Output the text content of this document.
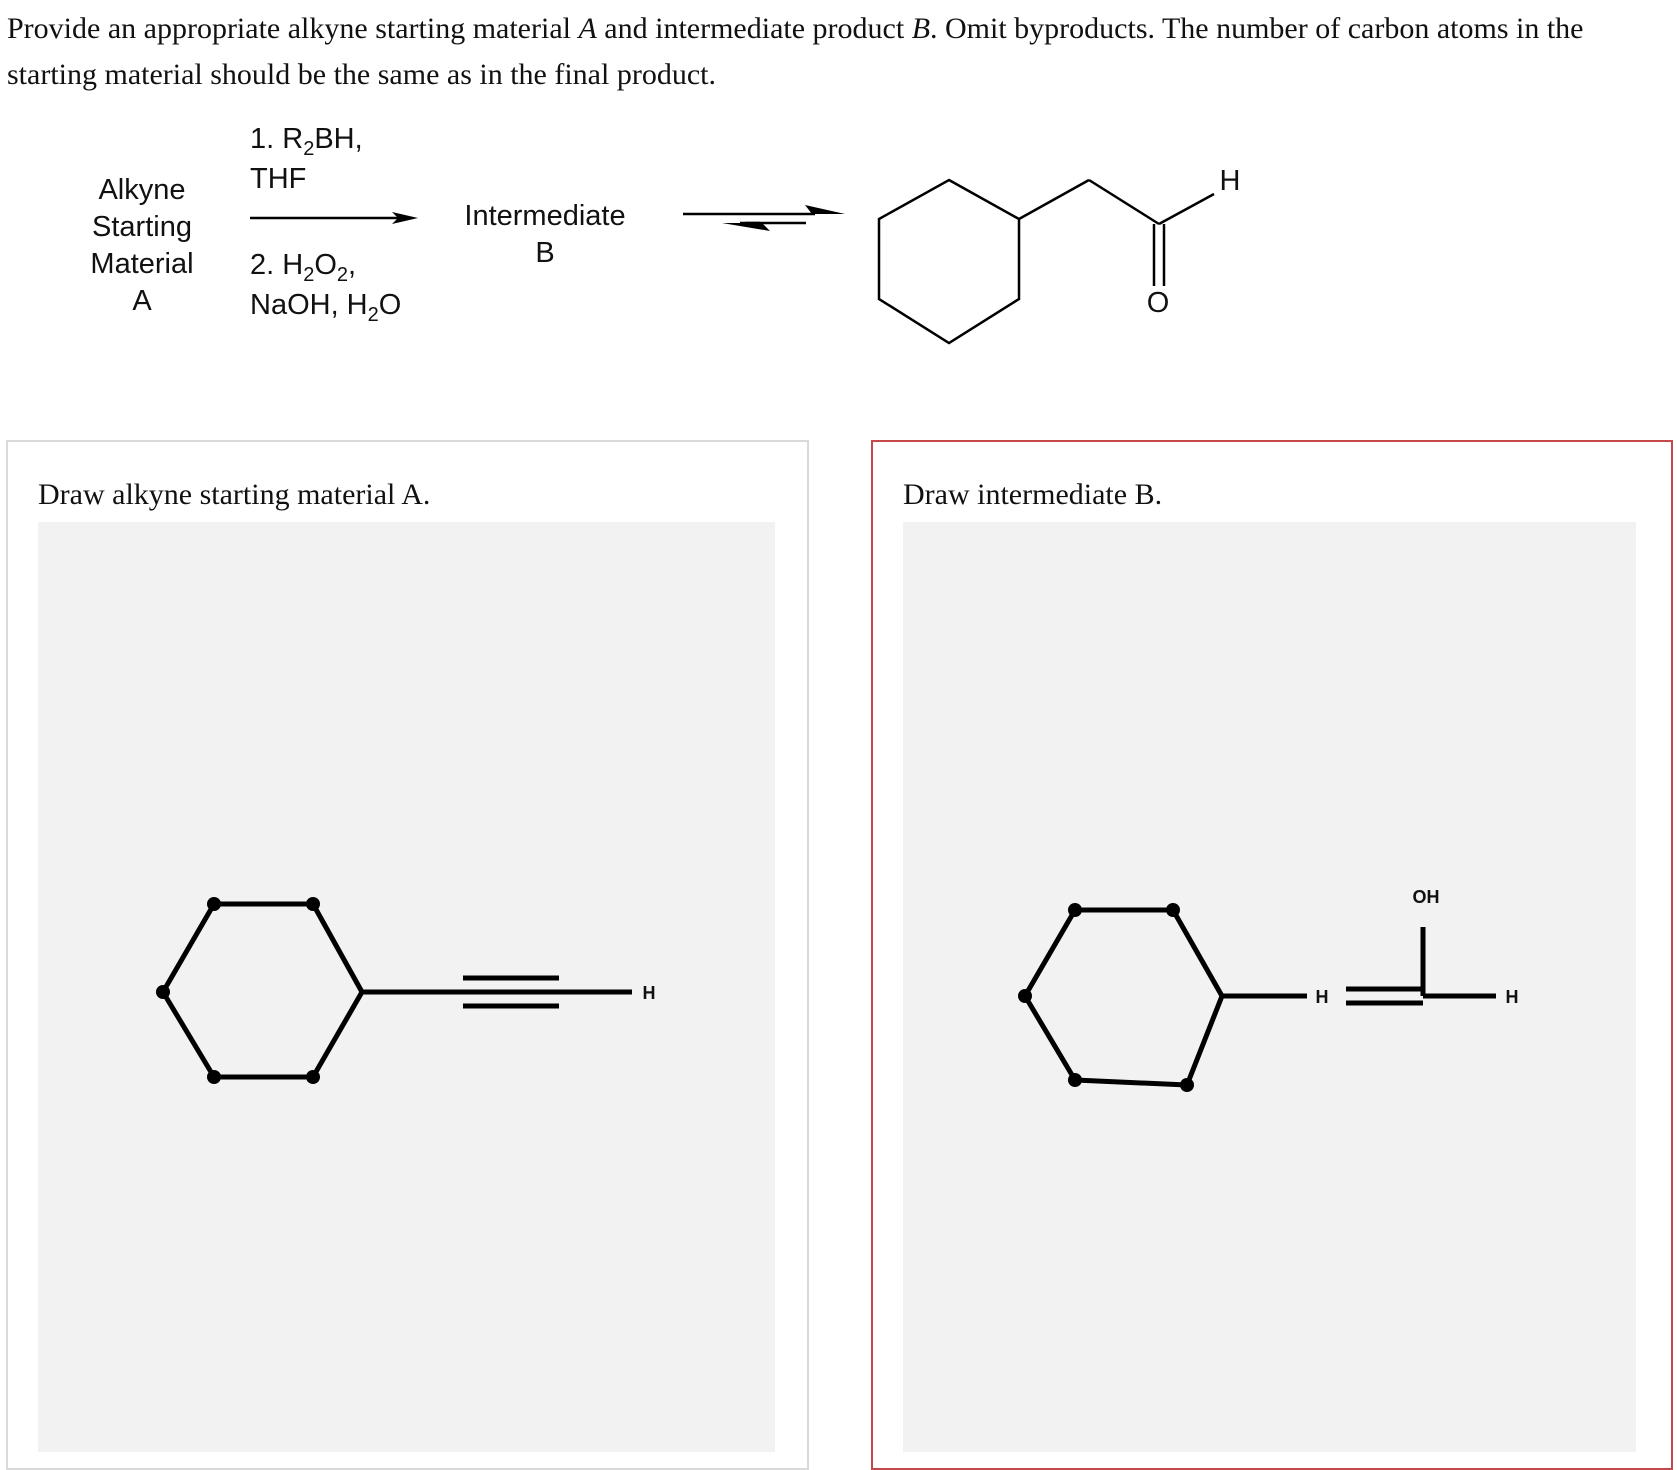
Provide an appropriate alkyne starting material A and intermediate product B. Omit byproducts. The number of carbon atoms in the starting material should be the same as in the final product.
Alkyne
Starting
Material
A
1. $R_2BH$,
THF
2. $H_2O_2$,
NaOH, $H_2O$
Intermediate
B
H
O
Draw alkyne starting material A.
H
Draw intermediate B.
OH
H	H
